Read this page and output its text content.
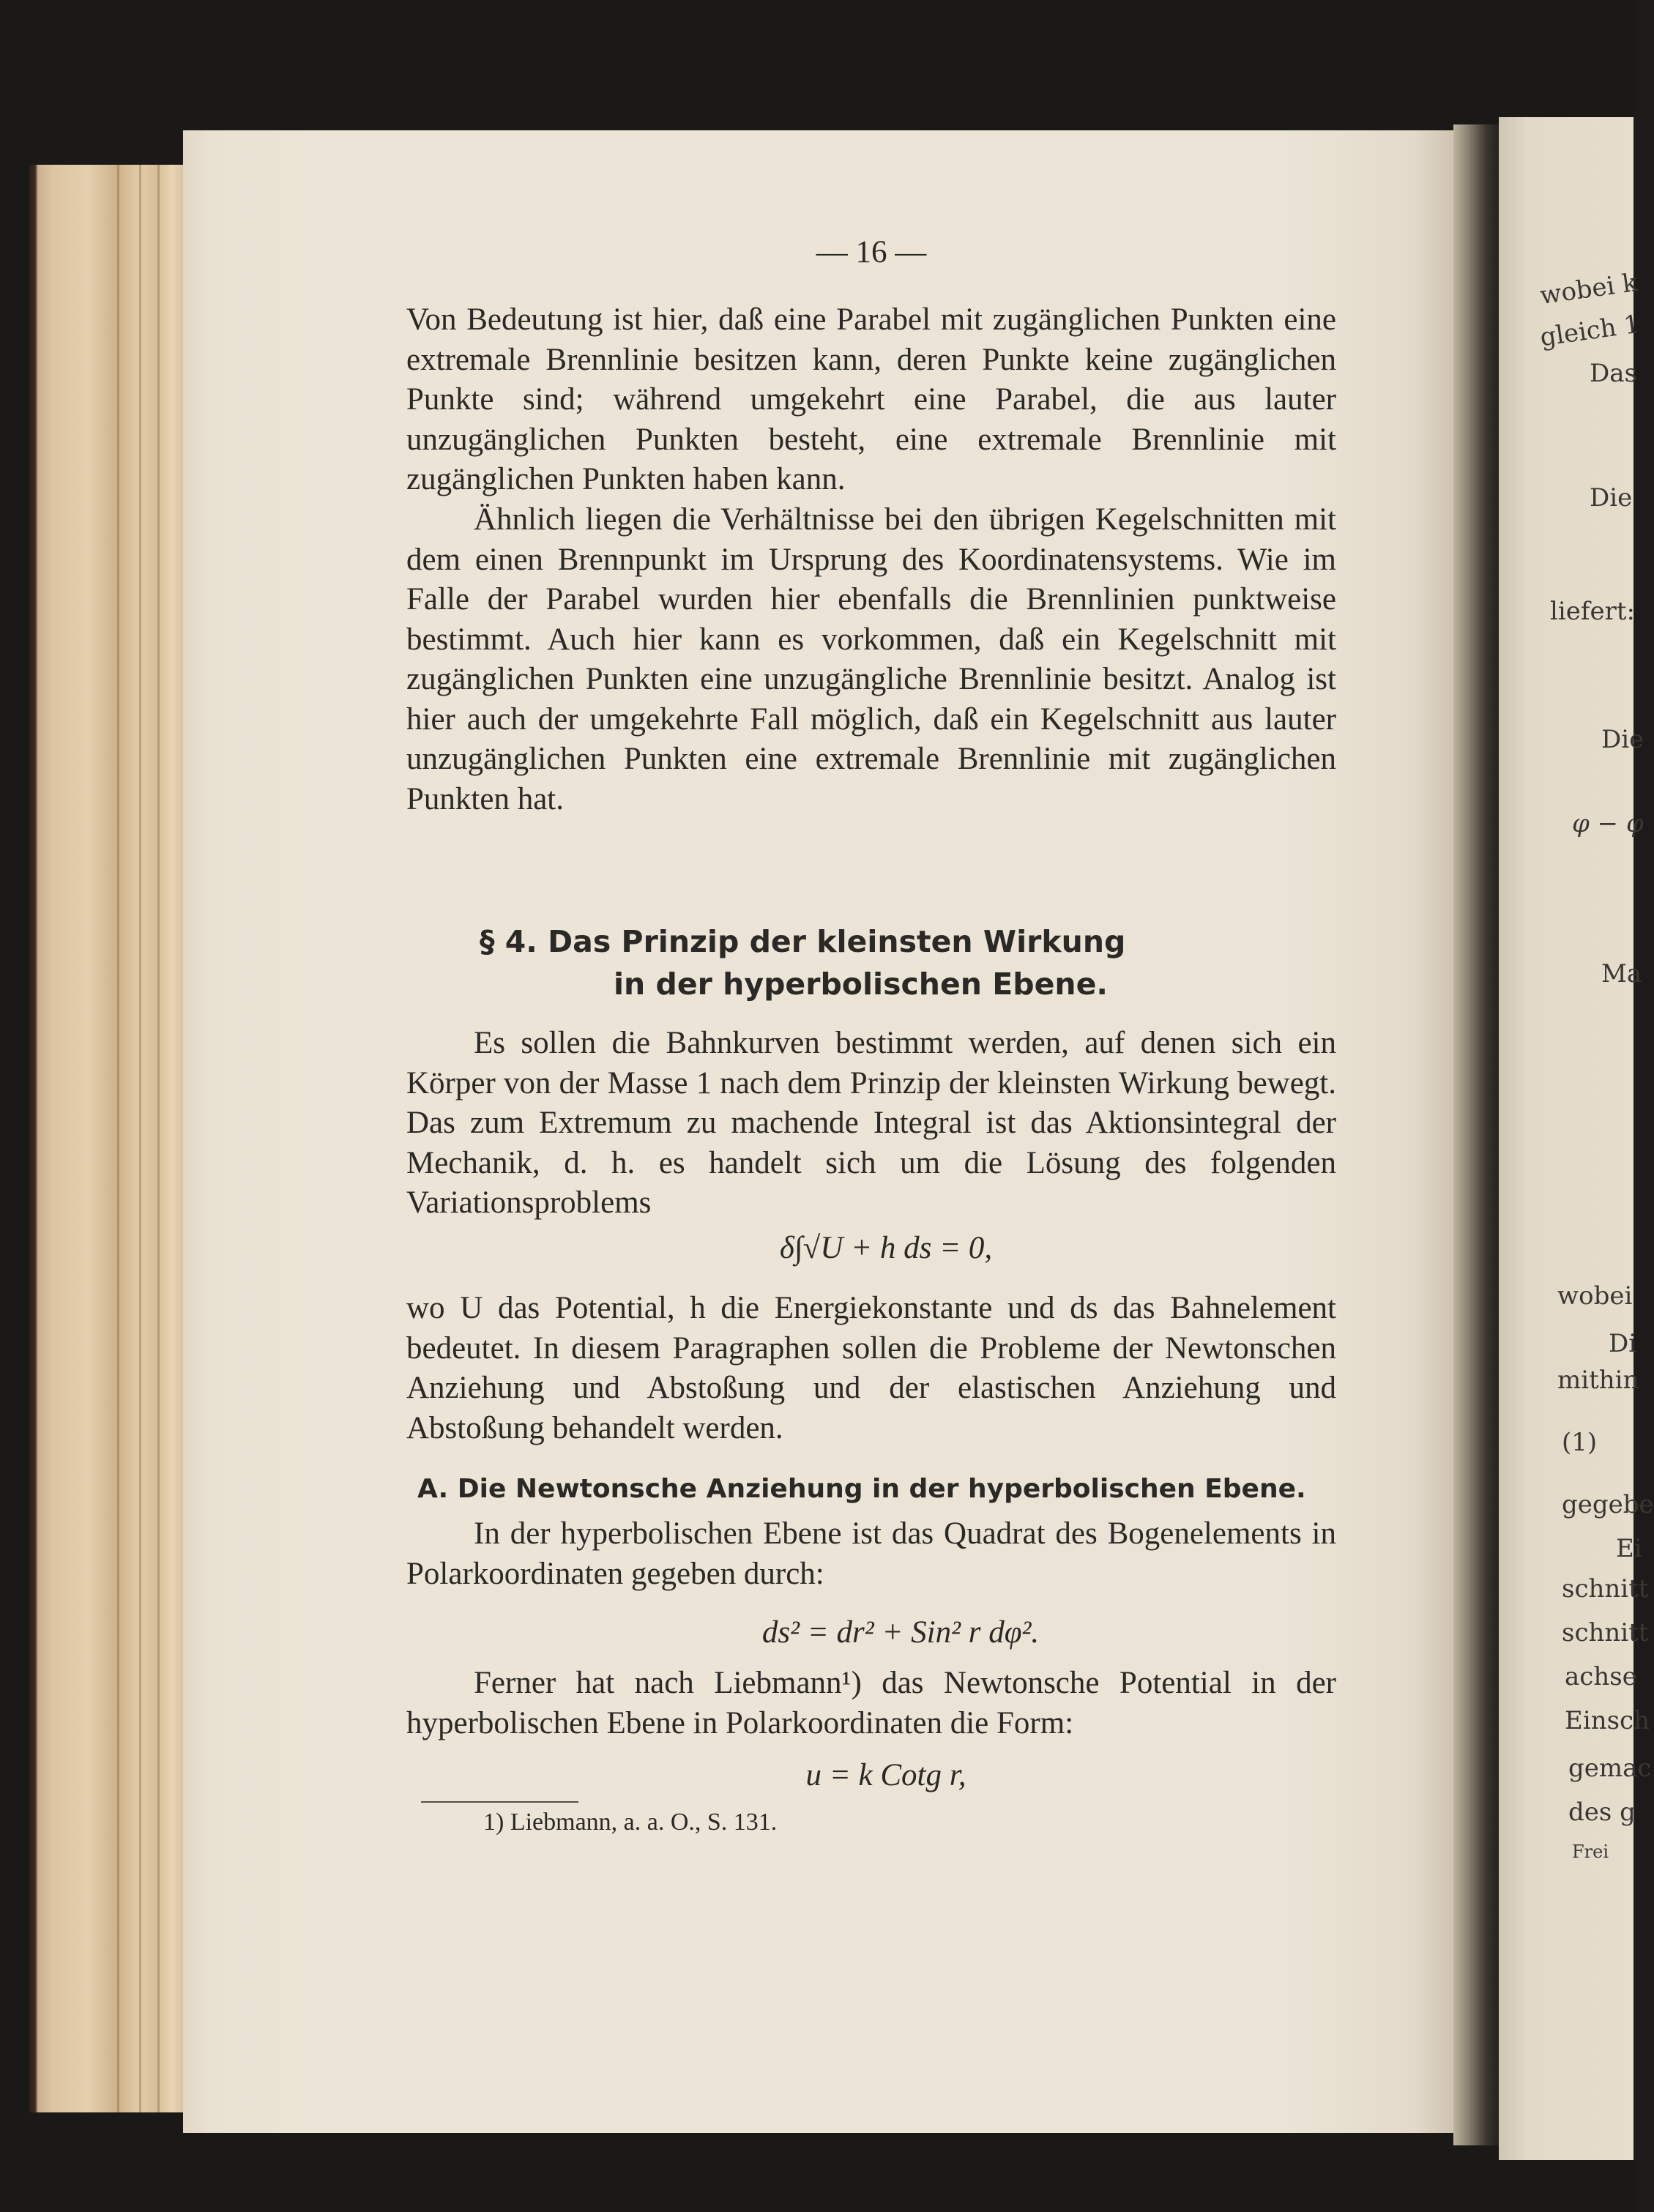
wobei k
gleich 1
Das
Die
liefert:
Die
φ − φ
Ma
wobei
Di
mithin
(1)
gegebe
Ei
schnitt
schnitt
achse
Einsch
gemac
des g
Frei
— 16 —

Von Bedeutung ist hier, daß eine Parabel mit zugänglichen Punkten eine extremale Brennlinie besitzen kann, deren Punkte keine zugänglichen Punkte sind; während umgekehrt eine Parabel, die aus lauter unzugänglichen Punkten besteht, eine extremale Brennlinie mit zugänglichen Punkten haben kann.

Ähnlich liegen die Verhältnisse bei den übrigen Kegelschnitten mit dem einen Brennpunkt im Ursprung des Koordinatensystems. Wie im Falle der Parabel wurden hier ebenfalls die Brennlinien punktweise bestimmt. Auch hier kann es vorkommen, daß ein Kegelschnitt mit zugänglichen Punkten eine unzugängliche Brennlinie besitzt. Analog ist hier auch der umgekehrte Fall möglich, daß ein Kegelschnitt aus lauter unzugänglichen Punkten eine extremale Brennlinie mit zugänglichen Punkten hat.

§ 4. Das Prinzip der kleinsten Wirkung
in der hyperbolischen Ebene.

Es sollen die Bahnkurven bestimmt werden, auf denen sich ein Körper von der Masse 1 nach dem Prinzip der kleinsten Wirkung bewegt. Das zum Extremum zu machende Integral ist das Aktionsintegral der Mechanik, d. h. es handelt sich um die Lösung des folgenden Variationsproblems

δ∫√U + h ds = 0,

wo U das Potential, h die Energiekonstante und ds das Bahnelement bedeutet. In diesem Paragraphen sollen die Probleme der Newtonschen Anziehung und Abstoßung und der elastischen Anziehung und Abstoßung behandelt werden.

A. Die Newtonsche Anziehung in der hyperbolischen Ebene.

In der hyperbolischen Ebene ist das Quadrat des Bogenelements in Polarkoordinaten gegeben durch:

ds² = dr² + Sin² r dφ².

Ferner hat nach Liebmann¹) das Newtonsche Potential in der hyperbolischen Ebene in Polarkoordinaten die Form:

u = k Cotg r,
1) Liebmann, a. a. O., S. 131.
